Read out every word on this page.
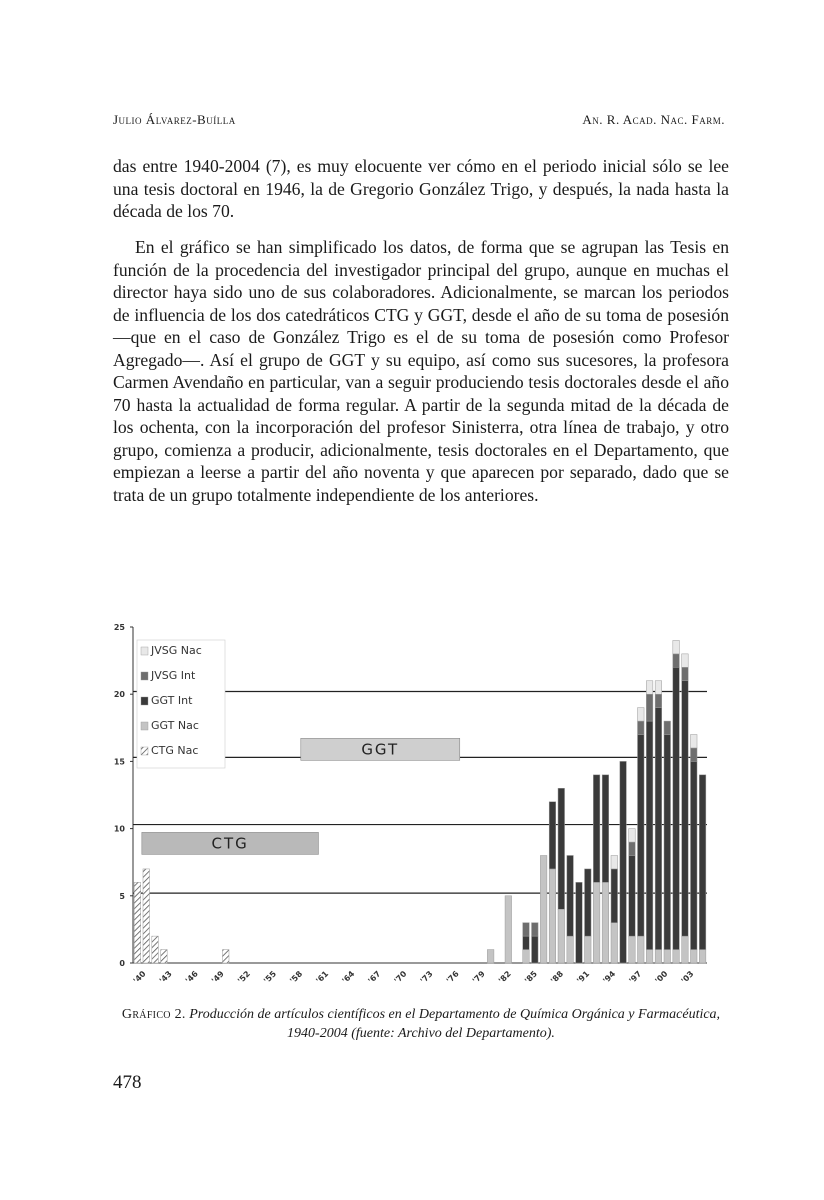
Julio Álvarez-Buílla	An. R. Acad. Nac. Farm.

das entre 1940-2004 (7), es muy elocuente ver cómo en el periodo inicial sólo se lee una tesis doctoral en 1946, la de Gregorio González Trigo, y después, la nada hasta la década de los 70.

En el gráfico se han simplificado los datos, de forma que se agrupan las Tesis en función de la procedencia del investigador principal del grupo, aunque en muchas el director haya sido uno de sus colaboradores. Adicionalmente, se marcan los periodos de influencia de los dos catedráticos CTG y GGT, desde el año de su toma de posesión —que en el caso de González Trigo es el de su toma de posesión como Profesor Agregado—. Así el grupo de GGT y su equipo, así como sus sucesores, la profesora Carmen Avendaño en particular, van a seguir produciendo tesis doctorales desde el año 70 hasta la actualidad de forma regular. A partir de la segunda mitad de la década de los ochenta, con la incorporación del profesor Sinisterra, otra línea de trabajo, y otro grupo, comienza a producir, adicionalmente, tesis doctorales en el Departamento, que empiezan a leerse a partir del año noventa y que aparecen por separado, dado que se trata de un grupo totalmente independiente de los anteriores.

0
5
10
15
20
25
CTG
GGT
'40 '43 '46 '49 '52 '55 '58 '61 '64 '67 '70 '73 '76 '79 '82 '85 '88 '91 '94 '97 '00 '03
JVSG Nac
JVSG Int
GGT Int
GGT Nac
CTG Nac
Gráfico 2. Producción de artículos científicos en el Departamento de Química Orgánica y Farmacéutica, 1940-2004 (fuente: Archivo del Departamento).
478
